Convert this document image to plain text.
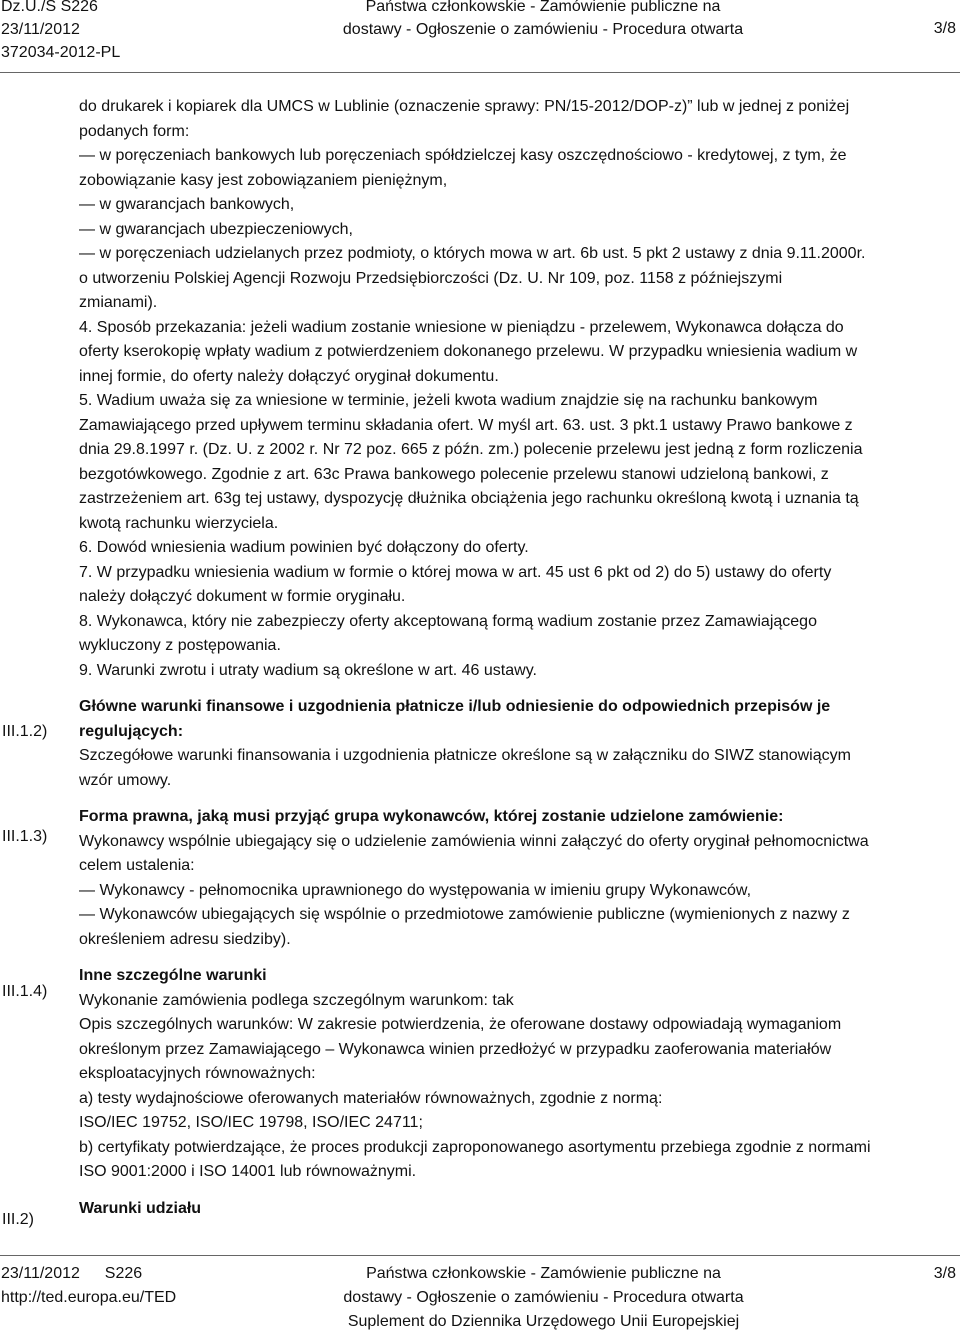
Dz.U./S S226
23/11/2012
372034-2012-PL
Państwa członkowskie - Zamówienie publiczne na
dostawy - Ogłoszenie o zamówieniu - Procedura otwarta	3/8

do drukarek i kopiarek dla UMCS w Lublinie (oznaczenie sprawy: PN/15-2012/DOP-z)” lub w jednej z poniżej

podanych form:

— w poręczeniach bankowych lub poręczeniach spółdzielczej kasy oszczędnościowo - kredytowej, z tym, że

zobowiązanie kasy jest zobowiązaniem pieniężnym,

— w gwarancjach bankowych,

— w gwarancjach ubezpieczeniowych,

— w poręczeniach udzielanych przez podmioty, o których mowa w art. 6b ust. 5 pkt 2 ustawy z dnia 9.11.2000r.

o utworzeniu Polskiej Agencji Rozwoju Przedsiębiorczości (Dz. U. Nr 109, poz. 1158 z późniejszymi

zmianami).

4. Sposób przekazania: jeżeli wadium zostanie wniesione w pieniądzu - przelewem, Wykonawca dołącza do

oferty kserokopię wpłaty wadium z potwierdzeniem dokonanego przelewu. W przypadku wniesienia wadium w

innej formie, do oferty należy dołączyć oryginał dokumentu.

5. Wadium uważa się za wniesione w terminie, jeżeli kwota wadium znajdzie się na rachunku bankowym

Zamawiającego przed upływem terminu składania ofert. W myśl art. 63. ust. 3 pkt.1 ustawy Prawo bankowe z

dnia 29.8.1997 r. (Dz. U. z 2002 r. Nr 72 poz. 665 z późn. zm.) polecenie przelewu jest jedną z form rozliczenia

bezgotówkowego. Zgodnie z art. 63c Prawa bankowego polecenie przelewu stanowi udzieloną bankowi, z

zastrzeżeniem art. 63g tej ustawy, dyspozycję dłużnika obciążenia jego rachunku określoną kwotą i uznania tą

kwotą rachunku wierzyciela.

6. Dowód wniesienia wadium powinien być dołączony do oferty.

7. W przypadku wniesienia wadium w formie o której mowa w art. 45 ust 6 pkt od 2) do 5) ustawy do oferty

należy dołączyć dokument w formie oryginału.

8. Wykonawca, który nie zabezpieczy oferty akceptowaną formą wadium zostanie przez Zamawiającego

wykluczony z postępowania.

9. Warunki zwrotu i utraty wadium są określone w art. 46 ustawy.

Główne warunki finansowe i uzgodnienia płatnicze i/lub odniesienie do odpowiednich przepisów je

regulujących:

Szczegółowe warunki finansowania i uzgodnienia płatnicze określone są w załączniku do SIWZ stanowiącym

wzór umowy.

Forma prawna, jaką musi przyjąć grupa wykonawców, której zostanie udzielone zamówienie:

Wykonawcy wspólnie ubiegający się o udzielenie zamówienia winni załączyć do oferty oryginał pełnomocnictwa

celem ustalenia:

— Wykonawcy - pełnomocnika uprawnionego do występowania w imieniu grupy Wykonawców,

— Wykonawców ubiegających się wspólnie o przedmiotowe zamówienie publiczne (wymienionych z nazwy z

określeniem adresu siedziby).

Inne szczególne warunki

Wykonanie zamówienia podlega szczególnym warunkom: tak

Opis szczególnych warunków: W zakresie potwierdzenia, że oferowane dostawy odpowiadają wymaganiom

określonym przez Zamawiającego – Wykonawca winien przedłożyć w przypadku zaoferowania materiałów

eksploatacyjnych równoważnych:

a) testy wydajnościowe oferowanych materiałów równoważnych, zgodnie z normą:

ISO/IEC 19752, ISO/IEC 19798, ISO/IEC 24711;

b) certyfikaty potwierdzające, że proces produkcji zaproponowanego asortymentu przebiega zgodnie z normami

ISO 9001:2000 i ISO 14001 lub równoważnymi.

Warunki udziału

III.1.2)
III.1.3)
III.1.4)
III.2)
23/11/2012 S226
http://ted.europa.eu/TED
Państwa członkowskie - Zamówienie publiczne na
dostawy - Ogłoszenie o zamówieniu - Procedura otwarta
Suplement do Dziennika Urzędowego Unii Europejskiej
3/8
